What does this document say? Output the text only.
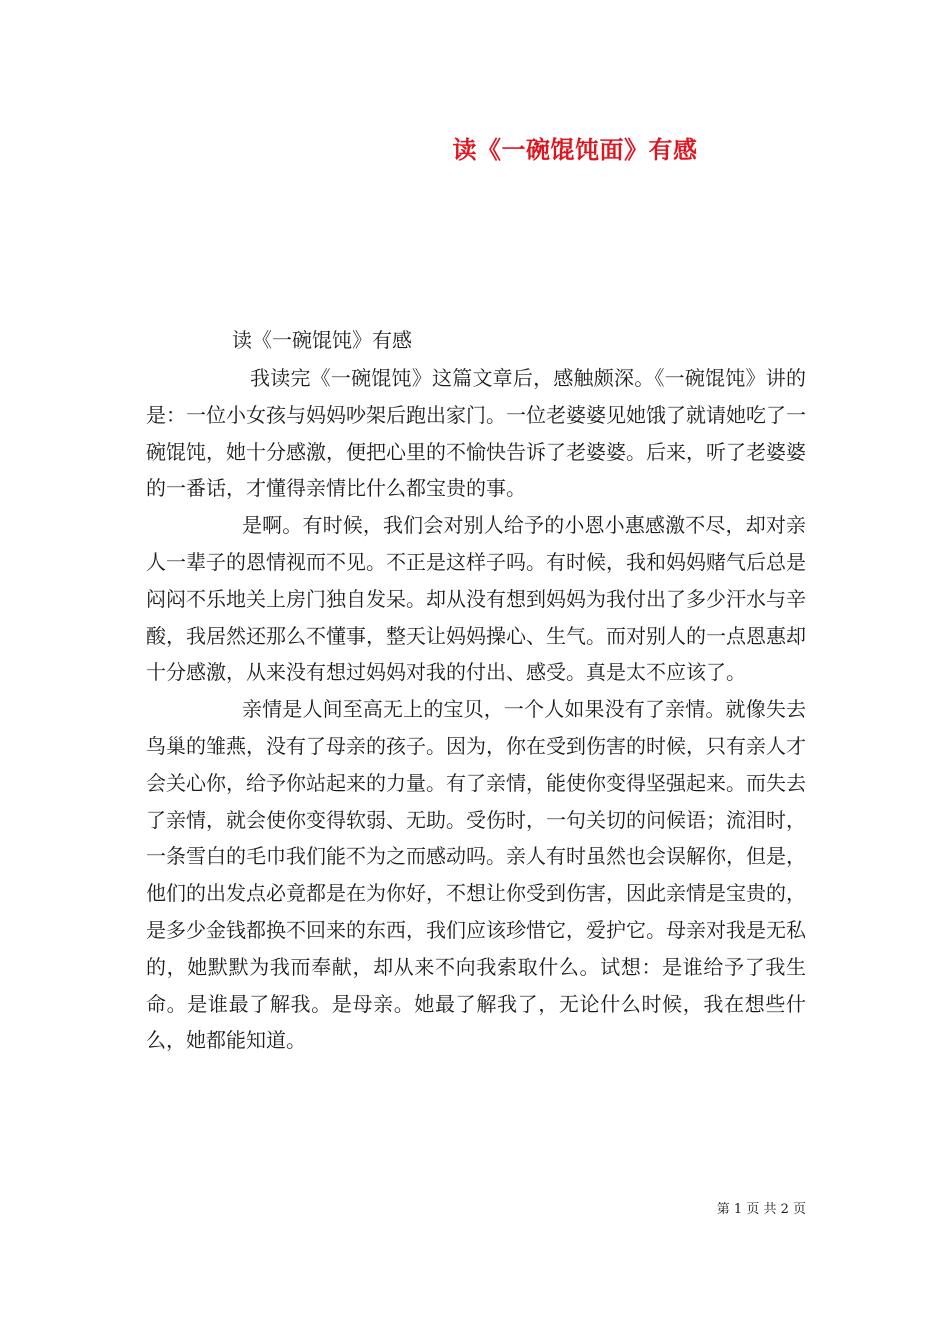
读《一碗馄饨面》有感

读《一碗馄饨》有感

我读完《一碗馄饨》这篇文章后，感触颇深。《一碗馄饨》讲的是：一位小女孩与妈妈吵架后跑出家门。一位老婆婆见她饿了就请她吃了一碗馄饨，她十分感激，便把心里的不愉快告诉了老婆婆。后来，听了老婆婆的一番话，才懂得亲情比什么都宝贵的事。

是啊。有时候，我们会对别人给予的小恩小惠感激不尽，却对亲人一辈子的恩情视而不见。不正是这样子吗。有时候，我和妈妈赌气后总是闷闷不乐地关上房门独自发呆。却从没有想到妈妈为我付出了多少汗水与辛酸，我居然还那么不懂事，整天让妈妈操心、生气。而对别人的一点恩惠却十分感激，从来没有想过妈妈对我的付出、感受。真是太不应该了。

亲情是人间至高无上的宝贝，一个人如果没有了亲情。就像失去鸟巢的雏燕，没有了母亲的孩子。因为，你在受到伤害的时候，只有亲人才会关心你，给予你站起来的力量。有了亲情，能使你变得坚强起来。而失去了亲情，就会使你变得软弱、无助。受伤时，一句关切的问候语；流泪时，一条雪白的毛巾我们能不为之而感动吗。亲人有时虽然也会误解你，但是，他们的出发点必竟都是在为你好，不想让你受到伤害，因此亲情是宝贵的，是多少金钱都换不回来的东西，我们应该珍惜它，爱护它。母亲对我是无私的，她默默为我而奉献，却从来不向我索取什么。试想：是谁给予了我生命。是谁最了解我。是母亲。她最了解我了，无论什么时候，我在想些什么，她都能知道。

第 1 页 共 2 页
